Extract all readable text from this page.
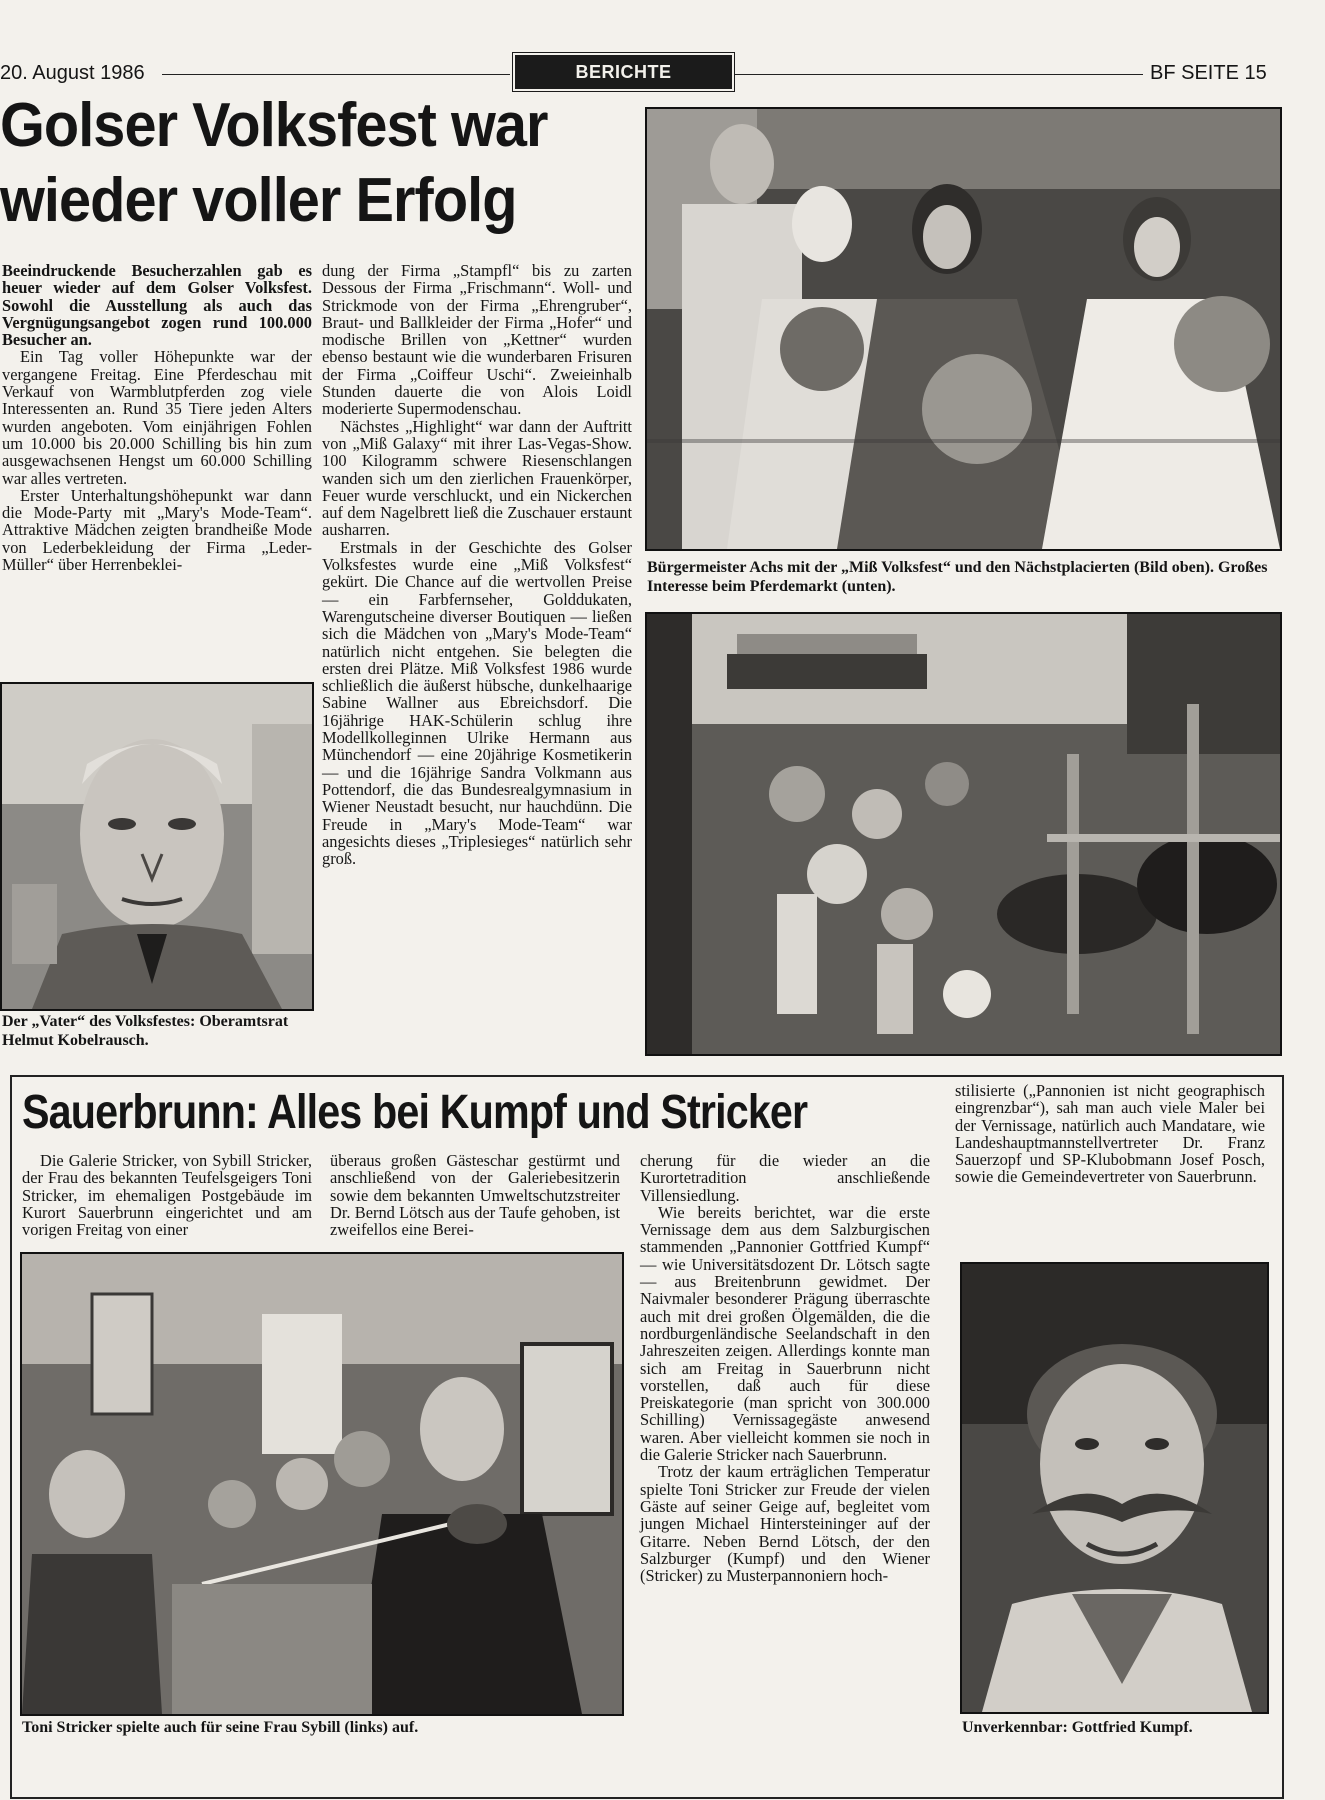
20. August 1986	BERICHTE	BF SEITE 15
Golser Volksfest war
wieder voller Erfolg

Beeindruckende Besucherzahlen gab es heuer wieder auf dem Golser Volksfest. Sowohl die Ausstellung als auch das Vergnügungsangebot zogen rund 100.000 Besucher an.

Ein Tag voller Höhepunkte war der vergangene Freitag. Eine Pferdeschau mit Verkauf von Warmblutpferden zog viele Interessenten an. Rund 35 Tiere jeden Alters wurden angeboten. Vom einjährigen Fohlen um 10.000 bis 20.000 Schilling bis hin zum ausgewachsenen Hengst um 60.000 Schilling war alles vertreten.

Erster Unterhaltungshöhepunkt war dann die Mode-Party mit „Mary's Mode-Team“. Attraktive Mädchen zeigten brandheiße Mode von Lederbekleidung der Firma „Leder-Müller“ über Herrenbeklei-

Der „Vater“ des Volksfestes: Oberamtsrat Helmut Kobelrausch.

dung der Firma „Stampfl“ bis zu zarten Dessous der Firma „Frischmann“. Woll- und Strickmode von der Firma „Ehrengruber“, Braut- und Ballkleider der Firma „Hofer“ und modische Brillen von „Kettner“ wurden ebenso bestaunt wie die wunderbaren Frisuren der Firma „Coiffeur Uschi“. Zweieinhalb Stunden dauerte die von Alois Loidl moderierte Supermodenschau.

Nächstes „Highlight“ war dann der Auftritt von „Miß Galaxy“ mit ihrer Las-Vegas-Show. 100 Kilogramm schwere Riesenschlangen wanden sich um den zierlichen Frauenkörper, Feuer wurde verschluckt, und ein Nickerchen auf dem Nagelbrett ließ die Zuschauer erstaunt ausharren.

Erstmals in der Geschichte des Golser Volksfestes wurde eine „Miß Volksfest“ gekürt. Die Chance auf die wertvollen Preise — ein Farbfernseher, Golddukaten, Warengutscheine diverser Boutiquen — ließen sich die Mädchen von „Mary's Mode-Team“ natürlich nicht entgehen. Sie belegten die ersten drei Plätze. Miß Volksfest 1986 wurde schließlich die äußerst hübsche, dunkelhaarige Sabine Wallner aus Ebreichsdorf. Die 16jährige HAK-Schülerin schlug ihre Modellkolleginnen Ulrike Hermann aus Münchendorf — eine 20jährige Kosmetikerin — und die 16jährige Sandra Volkmann aus Pottendorf, die das Bundesrealgymnasium in Wiener Neustadt besucht, nur hauchdünn. Die Freude in „Mary's Mode-Team“ war angesichts dieses „Triplesieges“ natürlich sehr groß.

Bürgermeister Achs mit der „Miß Volksfest“ und den Nächstplacierten (Bild oben). Großes Interesse beim Pferdemarkt (unten).
Sauerbrunn: Alles bei Kumpf und Stricker

Die Galerie Stricker, von Sybill Stricker, der Frau des bekannten Teufelsgeigers Toni Stricker, im ehemaligen Postgebäude im Kurort Sauerbrunn eingerichtet und am vorigen Freitag von einer

überaus großen Gästeschar gestürmt und anschließend von der Galeriebesitzerin sowie dem bekannten Umweltschutzstreiter Dr. Bernd Lötsch aus der Taufe gehoben, ist zweifellos eine Berei-

Toni Stricker spielte auch für seine Frau Sybill (links) auf.

cherung für die wieder an die Kurortetradition anschließende Villensiedlung.

Wie bereits berichtet, war die erste Vernissage dem aus dem Salzburgischen stammenden „Pannonier Gottfried Kumpf“ — wie Universitätsdozent Dr. Lötsch sagte — aus Breitenbrunn gewidmet. Der Naivmaler besonderer Prägung überraschte auch mit drei großen Ölgemälden, die die nordburgenländische Seelandschaft in den Jahreszeiten zeigen. Allerdings konnte man sich am Freitag in Sauerbrunn nicht vorstellen, daß auch für diese Preiskategorie (man spricht von 300.000 Schilling) Vernissagegäste anwesend waren. Aber vielleicht kommen sie noch in die Galerie Stricker nach Sauerbrunn.

Trotz der kaum erträglichen Temperatur spielte Toni Stricker zur Freude der vielen Gäste auf seiner Geige auf, begleitet vom jungen Michael Hintersteininger auf der Gitarre. Neben Bernd Lötsch, der den Salzburger (Kumpf) und den Wiener (Stricker) zu Musterpannoniern hoch-

stilisierte („Pannonien ist nicht geographisch eingrenzbar“), sah man auch viele Maler bei der Vernissage, natürlich auch Mandatare, wie Landeshauptmannstellvertreter Dr. Franz Sauerzopf und SP-Klubobmann Josef Posch, sowie die Gemeindevertreter von Sauerbrunn.

Unverkennbar: Gottfried Kumpf.
